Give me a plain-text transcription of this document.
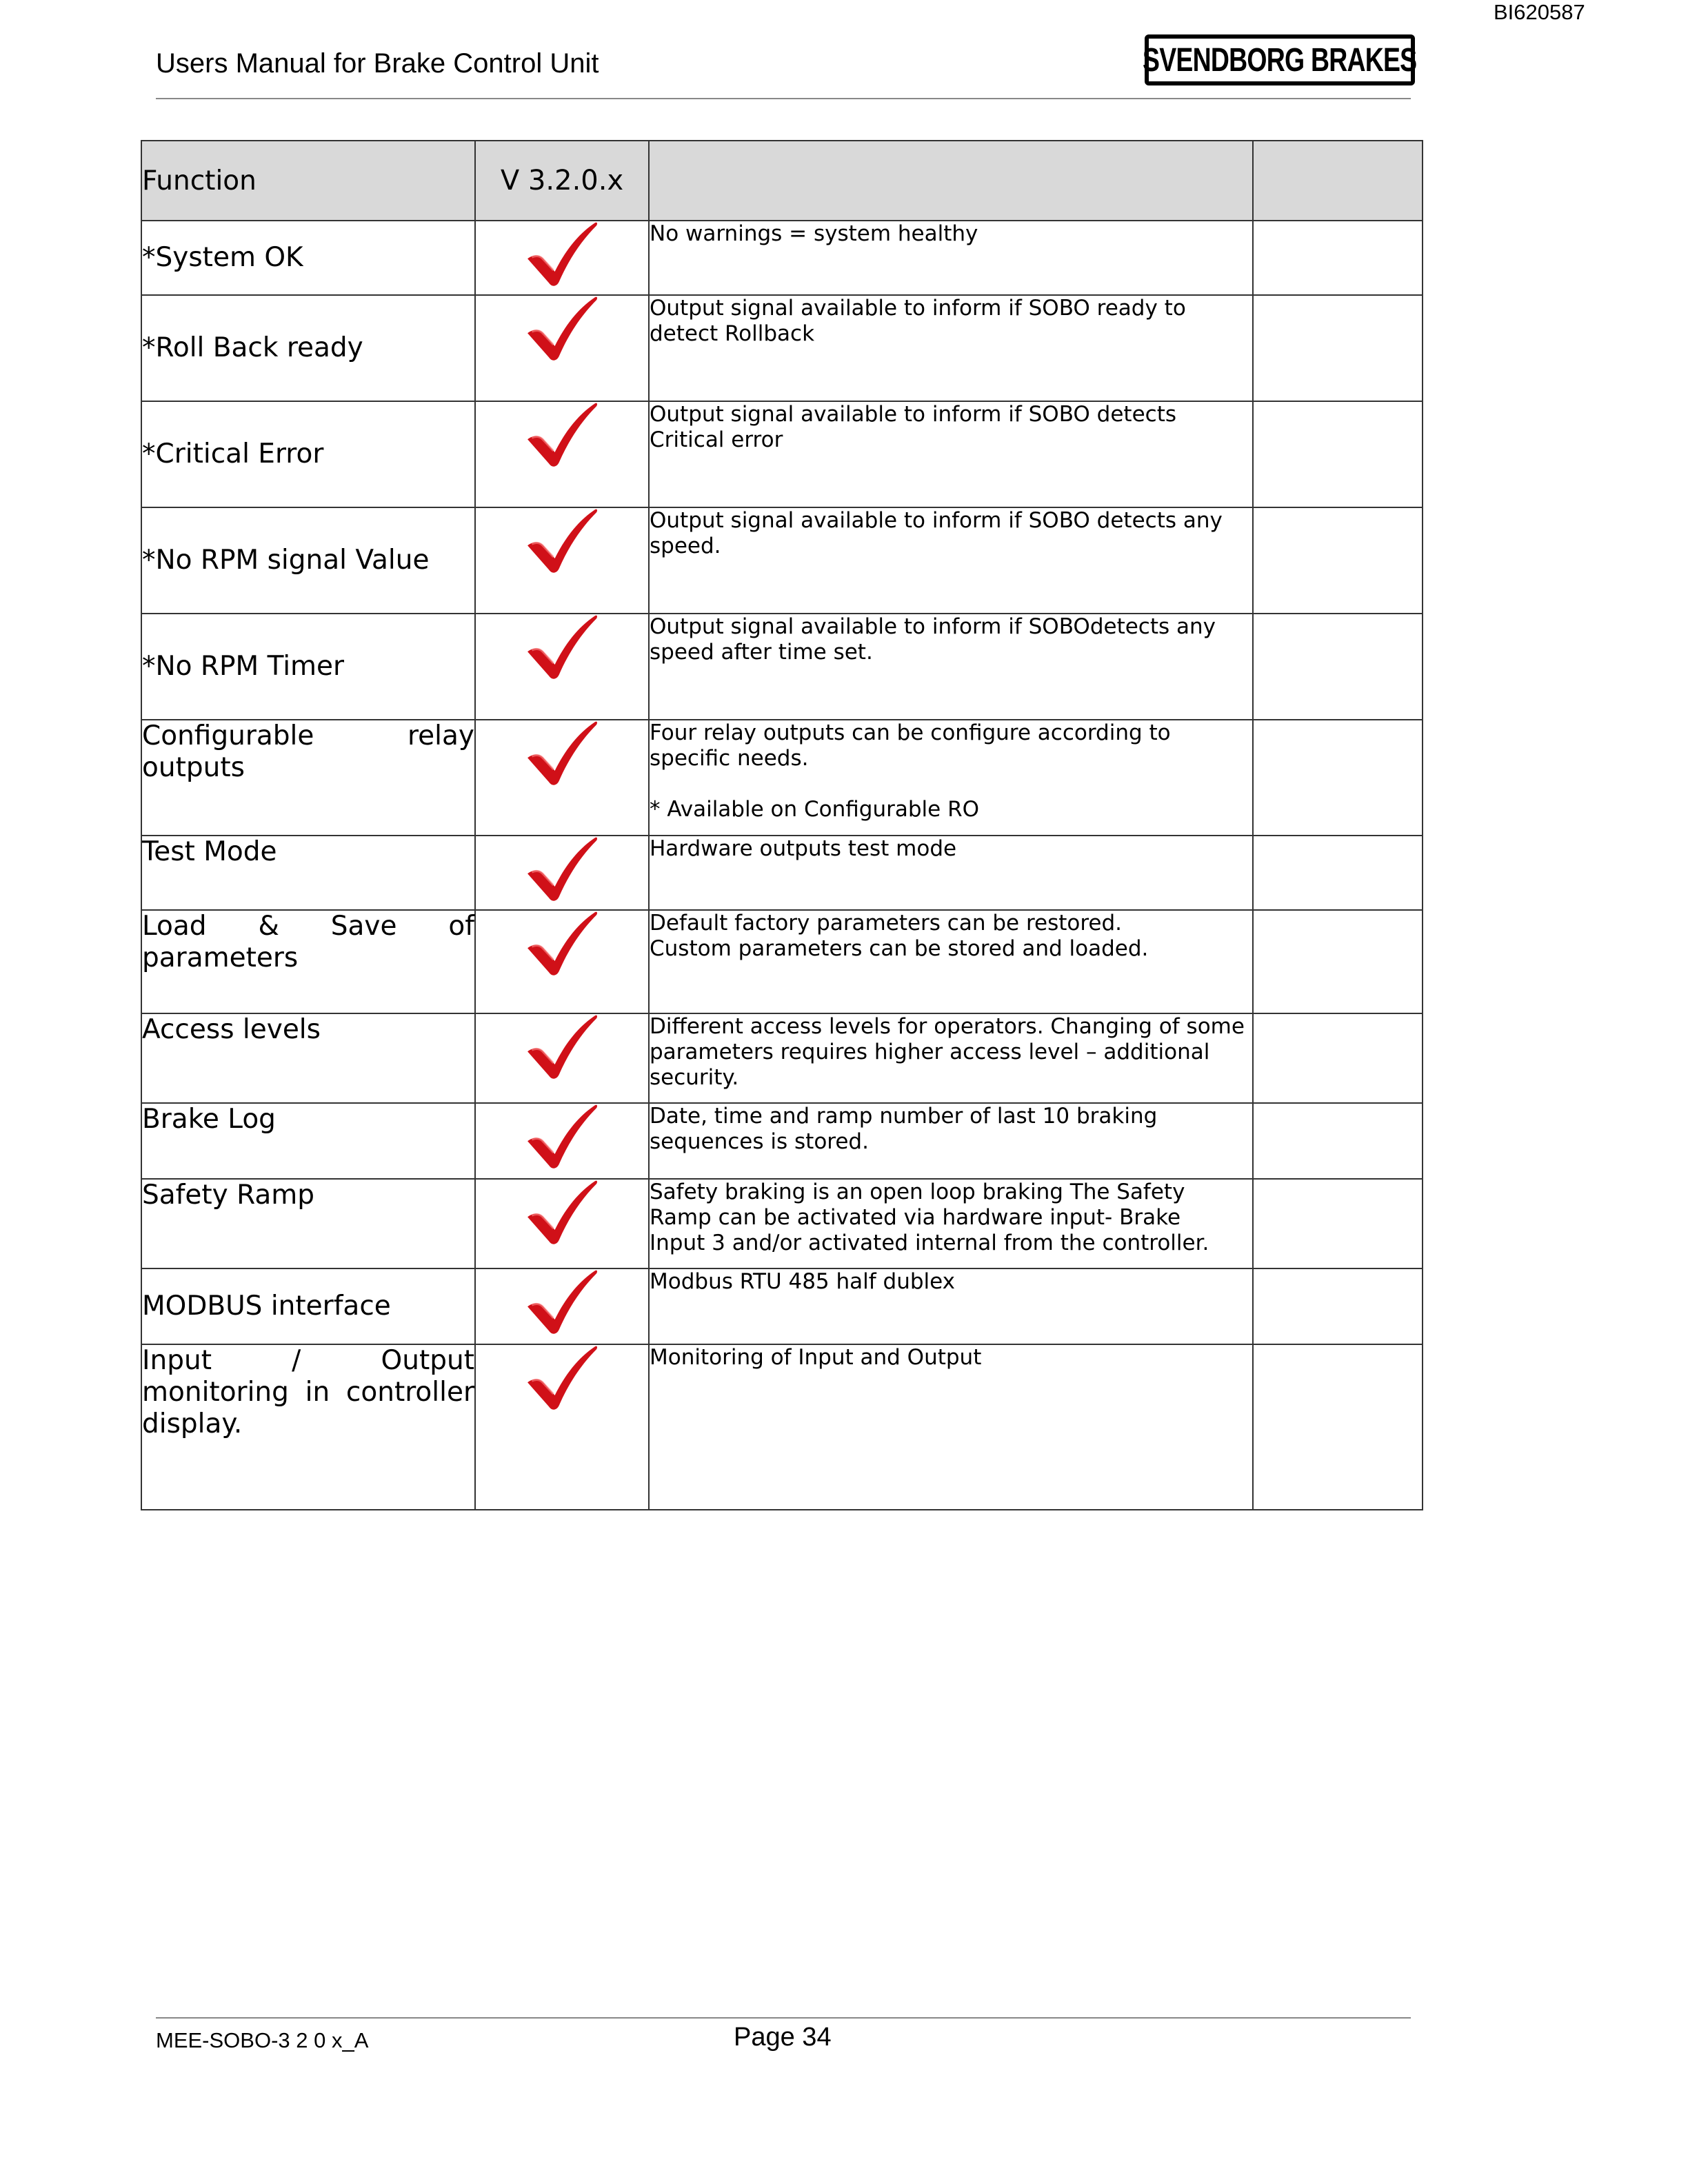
BI620587
Users Manual for Brake Control Unit	SVENDBORG BRAKES
Function	V 3.2.0.x		
*System OK		No warnings = system healthy	

*Roll Back ready		Output signal available to inform if SOBO ready to
detect Rollback	

*Critical Error		Output signal available to inform if SOBO detects
Critical error	

*No RPM signal Value		Output signal available to inform if SOBO detects any
speed.	

*No RPM Timer		Output signal available to inform if SOBOdetects any
speed after time set.	

Configurable relay outputs		Four relay outputs can be configure according to
specific needs.
* Available on Configurable RO	

Test Mode		Hardware outputs test mode	

Load & Save of parameters		Default factory parameters can be restored.
Custom parameters can be stored and loaded.	

Access levels		Different access levels for operators. Changing of some
parameters requires higher access level – additional
security.	

Brake Log		Date, time and ramp number of last 10 braking
sequences is stored.	

Safety Ramp		Safety braking is an open loop braking The Safety
Ramp can be activated via hardware input- Brake
Input 3 and/or activated internal from the controller.	

MODBUS interface		Modbus RTU 485 half dublex	

Input / Output monitoring in controller display.		Monitoring of Input and Output	

MEE-SOBO-3 2 0 x_A	Page 34
